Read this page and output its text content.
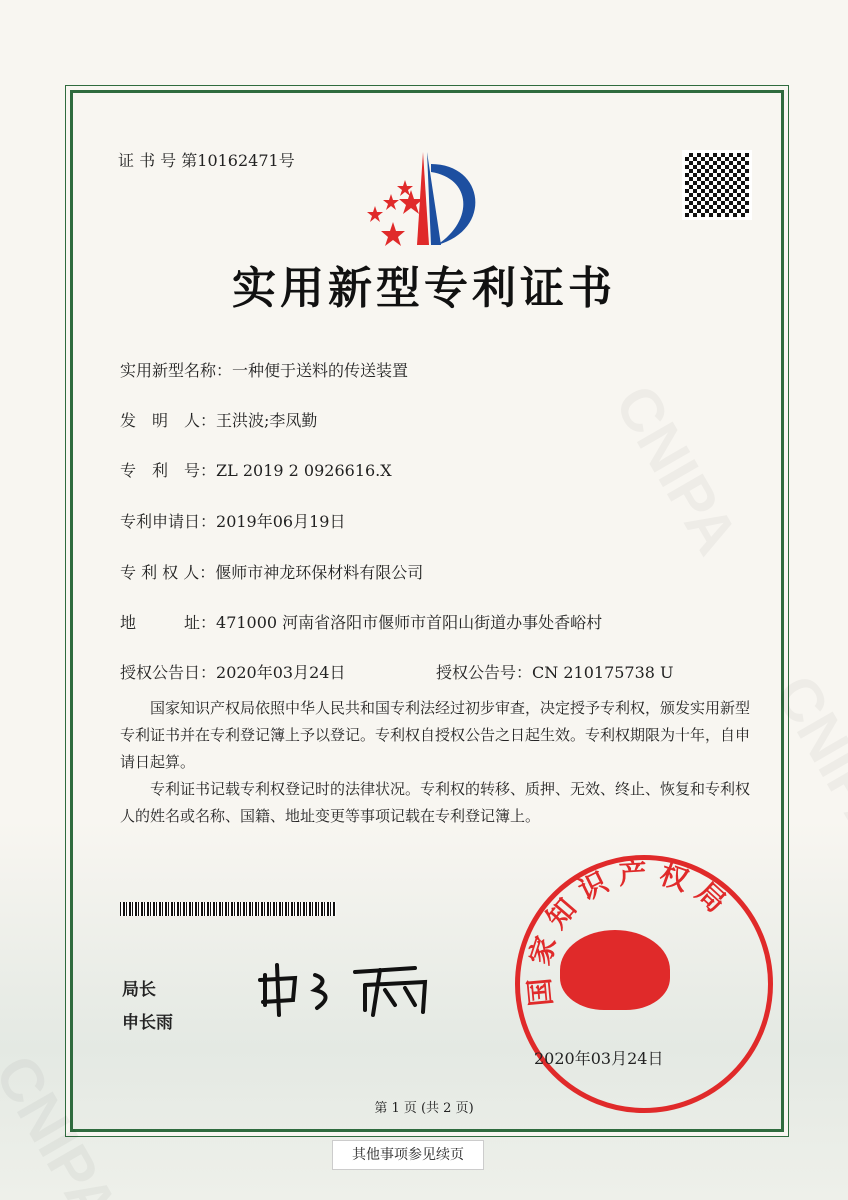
证 书 号 第10162471号
实用新型专利证书
实用新型名称：一种便于送料的传送装置
发　明　人：王洪波;李凤勤
专　利　号：ZL 2019 2 0926616.X
专利申请日：2019年06月19日
专 利 权 人：偃师市神龙环保材料有限公司
地　　　址：471000 河南省洛阳市偃师市首阳山街道办事处香峪村
授权公告日：2020年03月24日	授权公告号：CN 210175738 U

国家知识产权局依照中华人民共和国专利法经过初步审查，决定授予专利权，颁发实用新型专利证书并在专利登记簿上予以登记。专利权自授权公告之日起生效。专利权期限为十年，自申请日起算。

专利证书记载专利权登记时的法律状况。专利权的转移、质押、无效、终止、恢复和专利权人的姓名或名称、国籍、地址变更等事项记载在专利登记簿上。

局长
申长雨
国家知识产权局
2020年03月24日
第 1 页 (共 2 页)
其他事项参见续页
